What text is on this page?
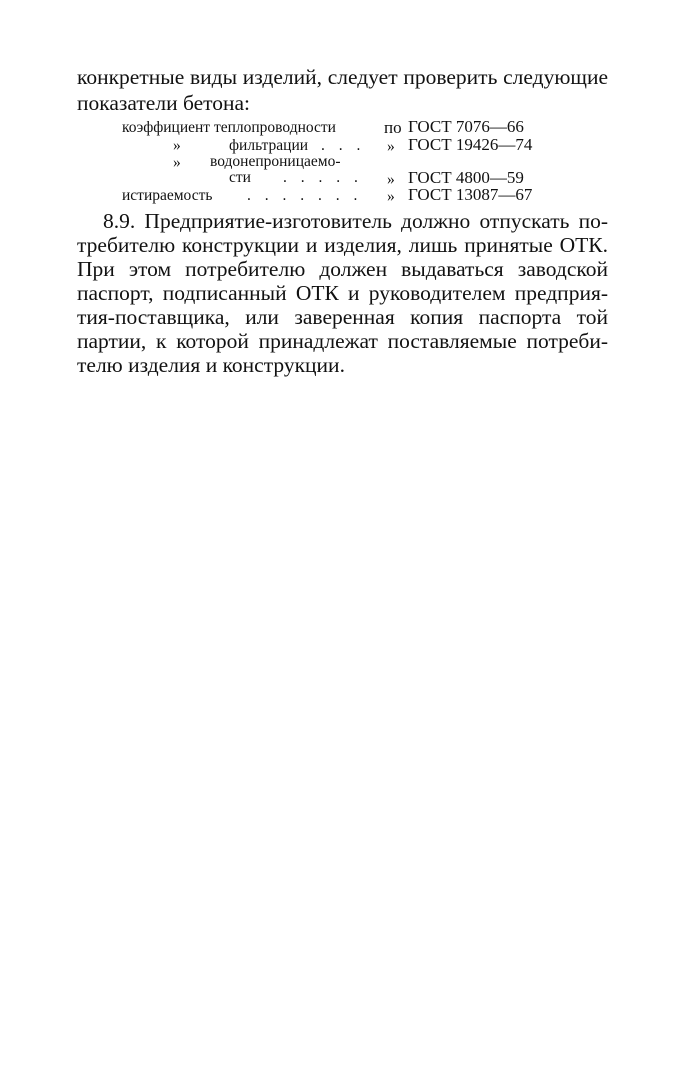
конкретные виды изделий, следует проверить следующие
показатели бетона:
коэффициент теплопроводности	по ГОСТ 7076—66
»	фильтрации . . . » ГОСТ 19426—74
» водонепроницаемо-
сти . . . . . » ГОСТ 4800—59
истираемость . . . . . . . » ГОСТ 13087—67
8.9. Предприятие-изготовитель должно отпускать по-
требителю конструкции и изделия, лишь принятые ОТК.
При этом потребителю должен выдаваться заводской
паспорт, подписанный ОТК и руководителем предприя-
тия-поставщика, или заверенная копия паспорта той
партии, к которой принадлежат поставляемые потреби-
телю изделия и конструкции.
